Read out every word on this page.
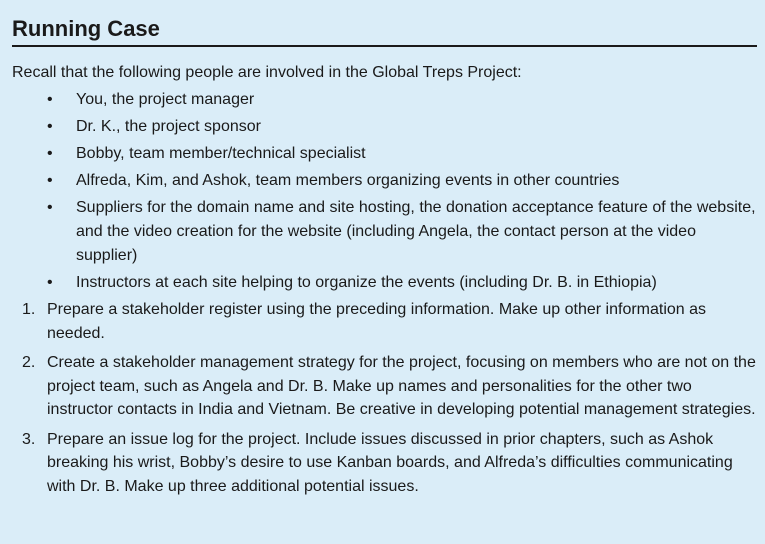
Running Case

Recall that the following people are involved in the Global Treps Project:

• You, the project manager
• Dr. K., the project sponsor
• Bobby, team member/technical specialist
• Alfreda, Kim, and Ashok, team members organizing events in other countries
• Suppliers for the domain name and site hosting, the donation acceptance feature of the website, and the video creation for the website (including Angela, the contact person at the video supplier)
• Instructors at each site helping to organize the events (including Dr. B. in Ethiopia)
1. Prepare a stakeholder register using the preceding information. Make up other information as needed.
2. Create a stakeholder management strategy for the project, focusing on members who are not on the project team, such as Angela and Dr. B. Make up names and personalities for the other two instructor contacts in India and Vietnam. Be creative in developing potential management strategies.
3. Prepare an issue log for the project. Include issues discussed in prior chapters, such as Ashok breaking his wrist, Bobby’s desire to use Kanban boards, and Alfreda’s difficulties communicating with Dr. B. Make up three additional potential issues.
